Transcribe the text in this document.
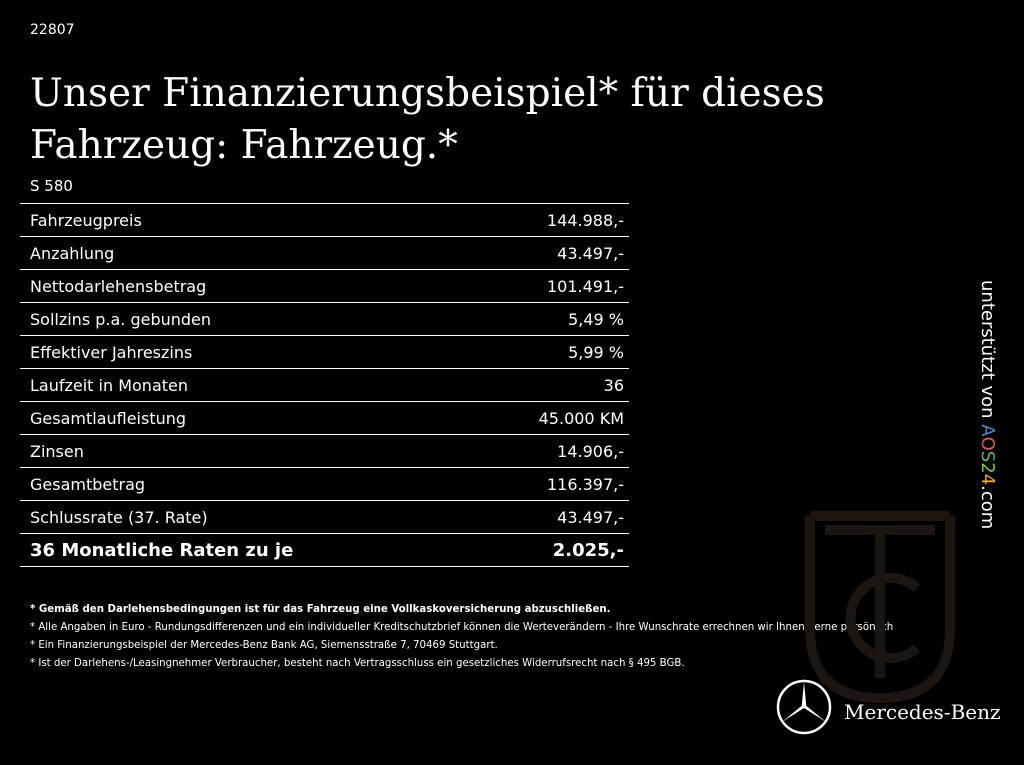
22807
Unser Finanzierungsbeispiel* für dieses Fahrzeug: Fahrzeug.*
S 580
Fahrzeugpreis	144.988,-
Anzahlung	43.497,-
Nettodarlehensbetrag	101.491,-
Sollzins p.a. gebunden	5,49 %
Effektiver Jahreszins	5,99 %
Laufzeit in Monaten	36
Gesamtlaufleistung	45.000 KM
Zinsen	14.906,-
Gesamtbetrag	116.397,-
Schlussrate (37. Rate)	43.497,-
36 Monatliche Raten zu je	2.025,-
* Gemäß den Darlehensbedingungen ist für das Fahrzeug eine Vollkaskoversicherung abzuschließen.
* Alle Angaben in Euro - Rundungsdifferenzen und ein individueller Kreditschutzbrief können die Werteverändern - Ihre Wunschrate errechnen wir Ihnen gerne persönlich
* Ein Finanzierungsbeispiel der Mercedes-Benz Bank AG, Siemensstraße 7, 70469 Stuttgart.
* Ist der Darlehens-/Leasingnehmer Verbraucher, besteht nach Vertragsschluss ein gesetzliches Widerrufsrecht nach § 495 BGB.
unterstützt von AOS24.com
Mercedes-Benz
